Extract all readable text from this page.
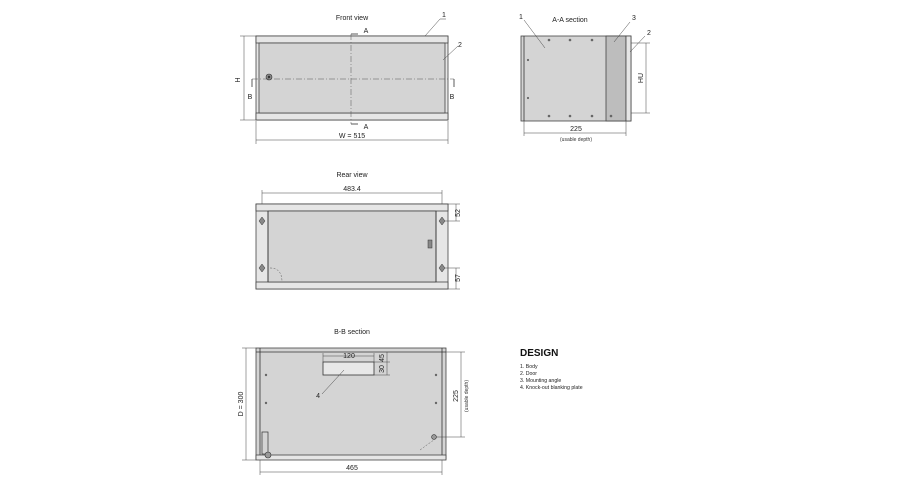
Front view
A
A
B	B
H
W = 515
1
2
A-A section
HU
225
(usable depth)
1	3
2
Rear view
483.4
52
57
B-B section
120	45
30
4
D = 300	225 (usable depth)
465
DESIGN
1. Body
2. Door
3. Mounting angle
4. Knock-out blanking plate
